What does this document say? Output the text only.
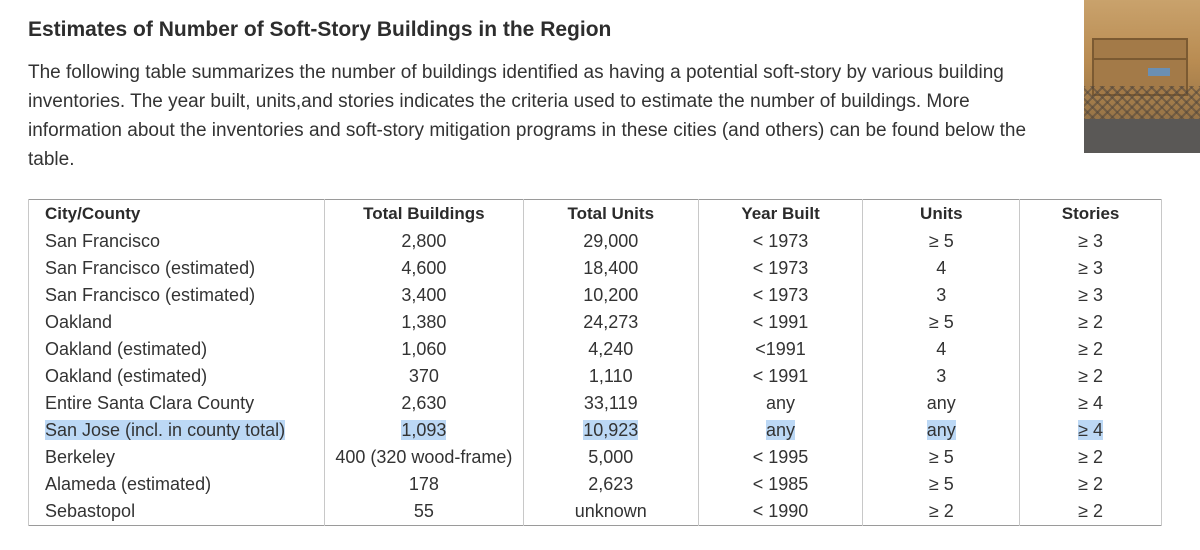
Estimates of Number of Soft-Story Buildings in the Region

The following table summarizes the number of buildings identified as having a potential soft-story by various building inventories. The year built, units,and stories indicates the criteria used to estimate the number of buildings. More information about the inventories and soft-story mitigation programs in these cities (and others) can be found below the table.

City/County	Total Buildings	Total Units	Year Built	Units	Stories
San Francisco	2,800	29,000	< 1973	≥ 5	≥ 3
San Francisco (estimated)	4,600	18,400	< 1973	4	≥ 3
San Francisco (estimated)	3,400	10,200	< 1973	3	≥ 3
Oakland	1,380	24,273	< 1991	≥ 5	≥ 2
Oakland (estimated)	1,060	4,240	<1991	4	≥ 2
Oakland (estimated)	370	1,110	< 1991	3	≥ 2
Entire Santa Clara County	2,630	33,119	any	any	≥ 4
San Jose (incl. in county total)	1,093	10,923	any	any	≥ 4
Berkeley	400 (320 wood-frame)	5,000	< 1995	≥ 5	≥ 2
Alameda (estimated)	178	2,623	< 1985	≥ 5	≥ 2
Sebastopol	55	unknown	< 1990	≥ 2	≥ 2
